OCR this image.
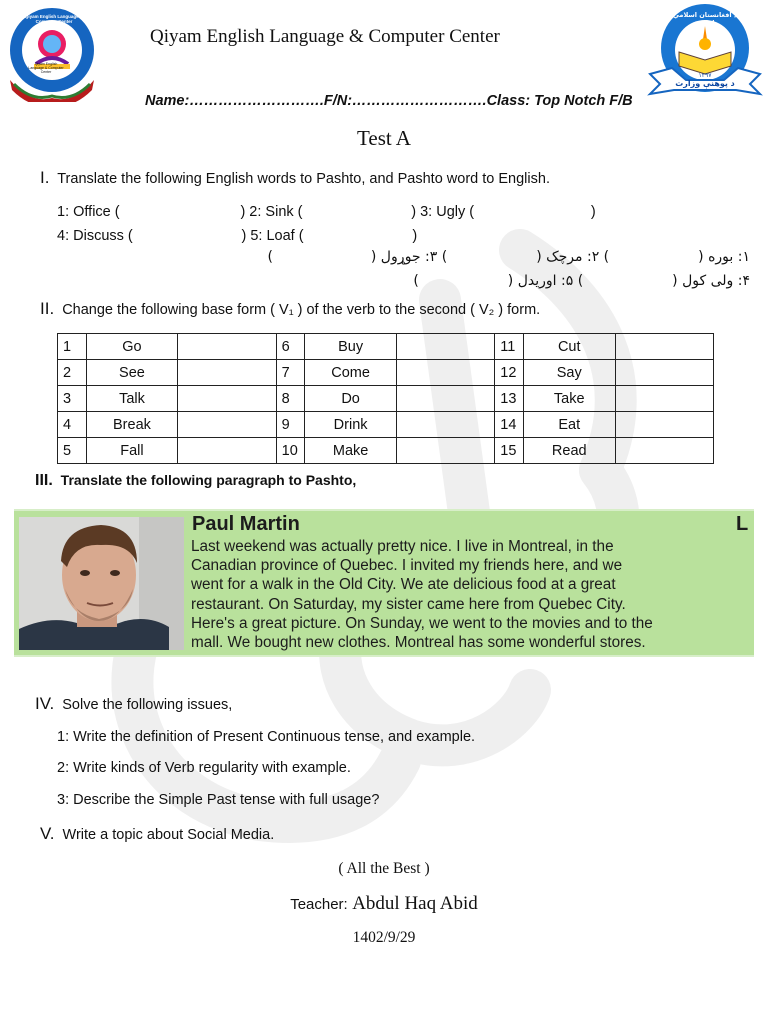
Qiyam English Language & Computer Center
Qiyam English Language & Computer Center
د افغانستان اسلامي امارت
۱۲۹۷
د پوهنې وزارت
Qiyam English Language & Computer Center
Name:……………………….F/N:……………………….Class: Top Notch F/B
Test A
I. Translate the following English words to Pashto, and Pashto word to English.
1: Office (                              ) 2: Sink (                           ) 3: Ugly (                             )
4: Discuss (                           ) 5: Loaf (                           )
۱: بوره (                    ) ۲: مرچک (                    ) ۳: جوړول (                      )
۴: ولی کول (                    ) ۵: اوریدل (                    )
II. Change the following base form ( V₁ ) of the verb to the second ( V₂ ) form.
1	Go		6	Buy		11	Cut	
2	See		7	Come		12	Say	
3	Talk		8	Do		13	Take	
4	Break		9	Drink		14	Eat	
5	Fall		10	Make		15	Read	
III. Translate the following paragraph to Pashto,
Paul Martin	L
Last weekend was actually pretty nice. I live in Montreal, in the
Canadian province of Quebec. I invited my friends here, and we
went for a walk in the Old City. We ate delicious food at a great
restaurant. On Saturday, my sister came here from Quebec City.
Here's a great picture. On Sunday, we went to the movies and to the
mall. We bought new clothes. Montreal has some wonderful stores.
IV. Solve the following issues,
1: Write the definition of Present Continuous tense, and example.
2: Write kinds of Verb regularity with example.
3: Describe the Simple Past tense with full usage?
V. Write a topic about Social Media.
( All the Best )
Teacher: Abdul Haq Abid
1402/9/29
